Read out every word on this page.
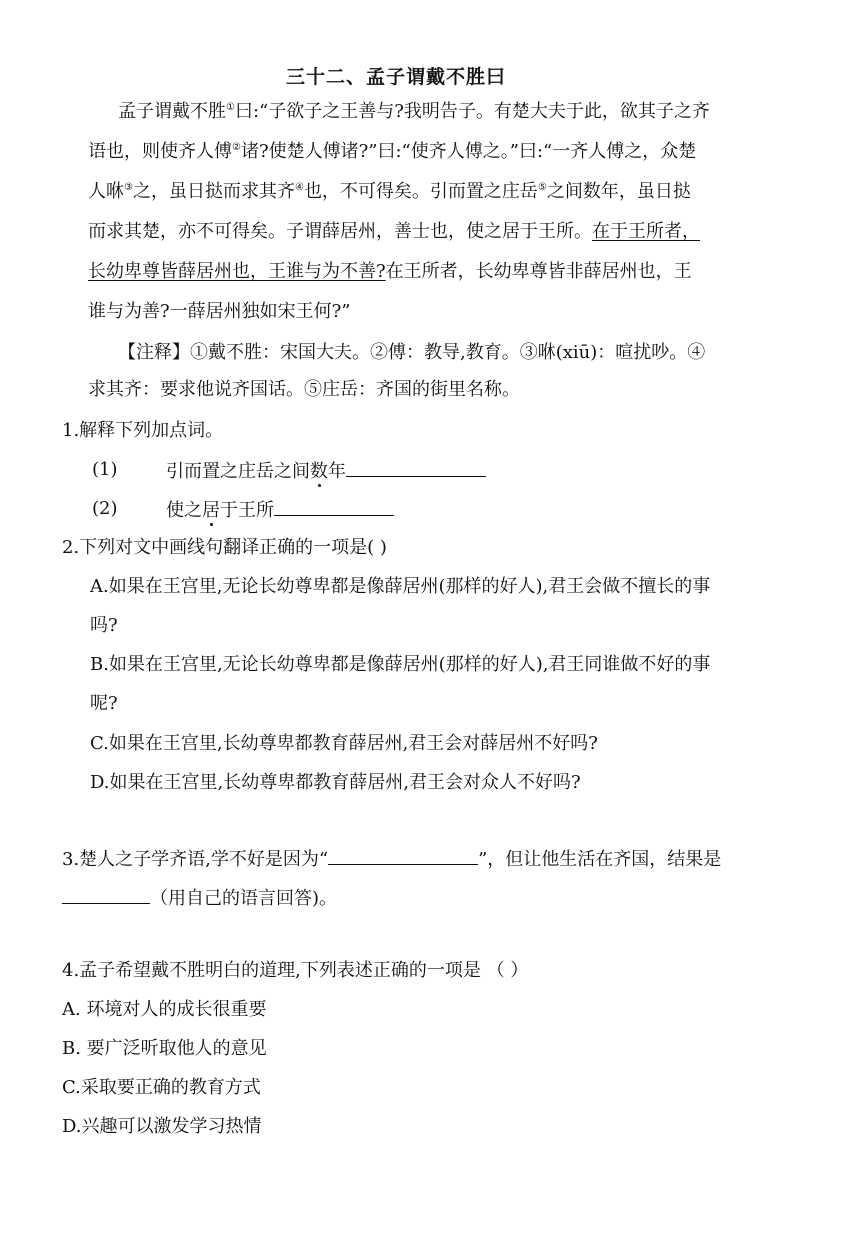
三十二、孟子谓戴不胜曰
孟子谓戴不胜①曰:“子欲子之王善与?我明告子。有楚大夫于此，欲其子之齐
语也，则使齐人傅②诸?使楚人傅诸?”曰:“使齐人傅之。”曰:“一齐人傅之，众楚
人咻③之，虽日挞而求其齐④也，不可得矣。引而置之庄岳⑤之间数年，虽日挞
而求其楚，亦不可得矣。子谓薛居州，善士也，使之居于王所。在于王所者，
长幼卑尊皆薛居州也，王谁与为不善?在王所者，长幼卑尊皆非薛居州也，王
谁与为善?一薛居州独如宋王何?”
【注释】①戴不胜：宋国大夫。②傅：教导,教育。③咻(xiū)：喧扰吵。④
求其齐：要求他说齐国话。⑤庄岳：齐国的街里名称。
1.解释下列加点词。
(1)	引而置之庄岳之间数年
(2)	使之居于王所
2.下列对文中画线句翻译正确的一项是( )
A.如果在王宫里,无论长幼尊卑都是像薛居州(那样的好人),君王会做不擅长的事
吗?
B.如果在王宫里,无论长幼尊卑都是像薛居州(那样的好人),君王同谁做不好的事
呢?
C.如果在王宫里,长幼尊卑都教育薛居州,君王会对薛居州不好吗?
D.如果在王宫里,长幼尊卑都教育薛居州,君王会对众人不好吗?
3.楚人之子学齐语,学不好是因为“	”，但让他生活在齐国，结果是
（用自己的语言回答)。
4.孟子希望戴不胜明白的道理,下列表述正确的一项是 （ ）
A. 环境对人的成长很重要
B. 要广泛听取他人的意见
C.采取要正确的教育方式
D.兴趣可以激发学习热情
